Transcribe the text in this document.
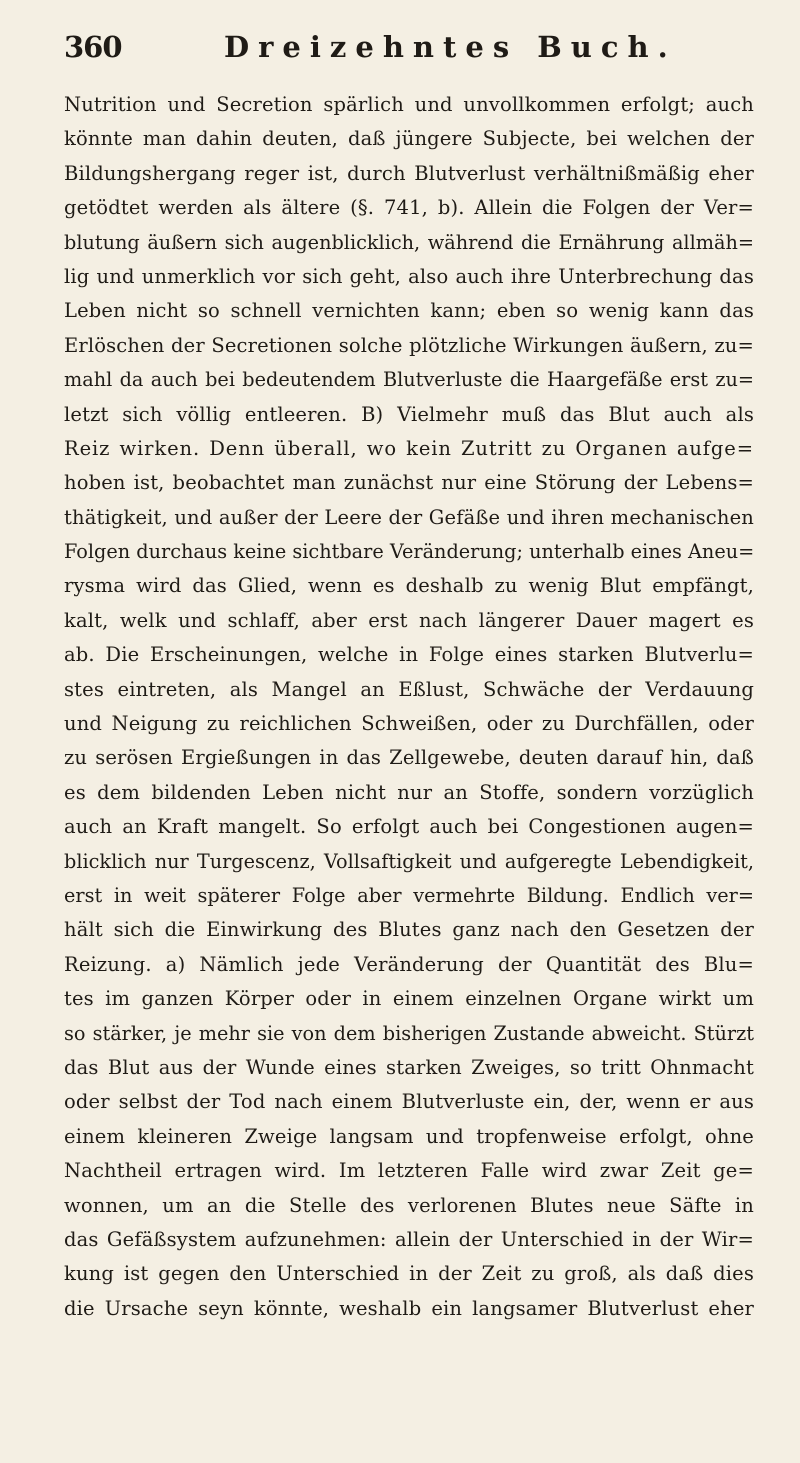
360	Dreizehntes Buch.
Nutrition und Secretion spärlich und unvollkommen erfolgt; auch
könnte man dahin deuten, daß jüngere Subjecte, bei welchen der
Bildungshergang reger ist, durch Blutverlust verhältnißmäßig eher
getödtet werden als ältere (§. 741, b). Allein die Folgen der Ver=
blutung äußern sich augenblicklich, während die Ernährung allmäh=
lig und unmerklich vor sich geht, also auch ihre Unterbrechung das
Leben nicht so schnell vernichten kann; eben so wenig kann das
Erlöschen der Secretionen solche plötzliche Wirkungen äußern, zu=
mahl da auch bei bedeutendem Blutverluste die Haargefäße erst zu=
letzt sich völlig entleeren. B) Vielmehr muß das Blut auch als
Reiz wirken. Denn überall, wo kein Zutritt zu Organen aufge=
hoben ist, beobachtet man zunächst nur eine Störung der Lebens=
thätigkeit, und außer der Leere der Gefäße und ihren mechanischen
Folgen durchaus keine sichtbare Veränderung; unterhalb eines Aneu=
rysma wird das Glied, wenn es deshalb zu wenig Blut empfängt,
kalt, welk und schlaff, aber erst nach längerer Dauer magert es
ab. Die Erscheinungen, welche in Folge eines starken Blutverlu=
stes eintreten, als Mangel an Eßlust, Schwäche der Verdauung
und Neigung zu reichlichen Schweißen, oder zu Durchfällen, oder
zu serösen Ergießungen in das Zellgewebe, deuten darauf hin, daß
es dem bildenden Leben nicht nur an Stoffe, sondern vorzüglich
auch an Kraft mangelt. So erfolgt auch bei Congestionen augen=
blicklich nur Turgescenz, Vollsaftigkeit und aufgeregte Lebendigkeit,
erst in weit späterer Folge aber vermehrte Bildung. Endlich ver=
hält sich die Einwirkung des Blutes ganz nach den Gesetzen der
Reizung. a) Nämlich jede Veränderung der Quantität des Blu=
tes im ganzen Körper oder in einem einzelnen Organe wirkt um
so stärker, je mehr sie von dem bisherigen Zustande abweicht. Stürzt
das Blut aus der Wunde eines starken Zweiges, so tritt Ohnmacht
oder selbst der Tod nach einem Blutverluste ein, der, wenn er aus
einem kleineren Zweige langsam und tropfenweise erfolgt, ohne
Nachtheil ertragen wird. Im letzteren Falle wird zwar Zeit ge=
wonnen, um an die Stelle des verlorenen Blutes neue Säfte in
das Gefäßsystem aufzunehmen: allein der Unterschied in der Wir=
kung ist gegen den Unterschied in der Zeit zu groß, als daß dies
die Ursache seyn könnte, weshalb ein langsamer Blutverlust eher
